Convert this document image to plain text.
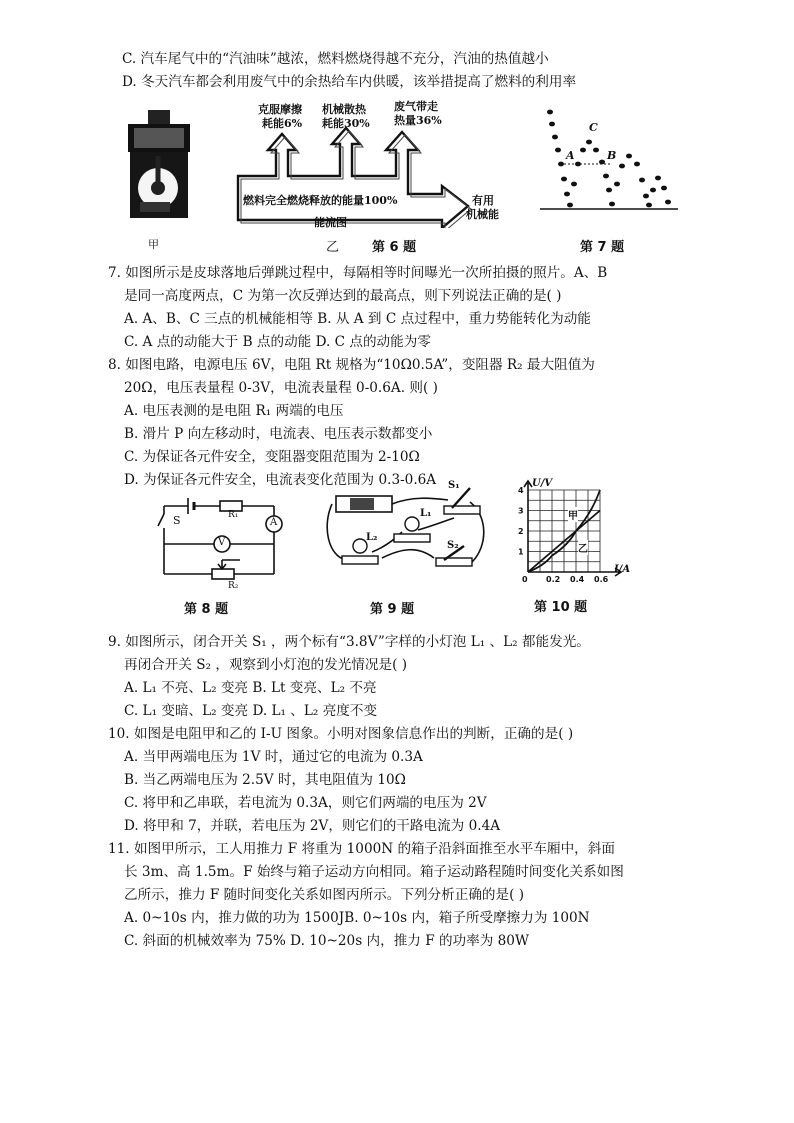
C. 汽车尾气中的“汽油味”越浓，燃料燃烧得越不充分，汽油的热值越小
D. 冬天汽车都会利用废气中的余热给车内供暖，该举措提高了燃料的利用率
甲
克服摩擦
耗能6%
机械散热
耗能30%
废气带走
热量36%
燃料完全燃烧释放的能量100%	有用
机械能
能流图
乙	第 6 题
A	B
C
第 7 题
7. 如图所示是皮球落地后弹跳过程中，每隔相等时间曝光一次所拍摄的照片。A、B
是同一高度两点，C 为第一次反弹达到的最高点，则下列说法正确的是( )
A. A、B、C 三点的机械能相等 B. 从 A 到 C 点过程中，重力势能转化为动能
C. A 点的动能大于 B 点的动能 D. C 点的动能为零
8. 如图电路，电源电压 6V，电阻 Rt 规格为“10Ω0.5A”，变阻器 R₂ 最大阻值为
20Ω，电压表量程 0-3V，电流表量程 0-0.6A. 则( )
A. 电压表测的是电阻 R₁ 两端的电压
B. 滑片 P 向左移动时，电流表、电压表示数都变小
C. 为保证各元件安全，变阻器变阻范围为 2-10Ω
D. 为保证各元件安全，电流表变化范围为 0.3-0.6A
S	R₁
A
V
R₂
第 8 题
S₁
L₁
L₂
S₂
第 9 题
1
2
3
4
0 0.2 0.4 0.6
U/V
I/A
甲
乙
第 10 题
9. 如图所示，闭合开关 S₁ ，两个标有“3.8V”字样的小灯泡 L₁ 、L₂ 都能发光。
再闭合开关 S₂ ，观察到小灯泡的发光情况是( )
A. L₁ 不亮、L₂ 变亮 B. Lt 变亮、L₂ 不亮
C. L₁ 变暗、L₂ 变亮 D. L₁ 、L₂ 亮度不变
10. 如图是电阻甲和乙的 I-U 图象。小明对图象信息作出的判断，正确的是( )
A. 当甲两端电压为 1V 时，通过它的电流为 0.3A
B. 当乙两端电压为 2.5V 时，其电阻值为 10Ω
C. 将甲和乙串联，若电流为 0.3A，则它们两端的电压为 2V
D. 将甲和 7，并联，若电压为 2V，则它们的干路电流为 0.4A
11. 如图甲所示，工人用推力 F 将重为 1000N 的箱子沿斜面推至水平车厢中，斜面
长 3m、高 1.5m。F 始终与箱子运动方向相同。箱子运动路程随时间变化关系如图
乙所示，推力 F 随时间变化关系如图丙所示。下列分析正确的是( )
A. 0~10s 内，推力做的功为 1500JB. 0~10s 内，箱子所受摩擦力为 100N
C. 斜面的机械效率为 75% D. 10~20s 内，推力 F 的功率为 80W
